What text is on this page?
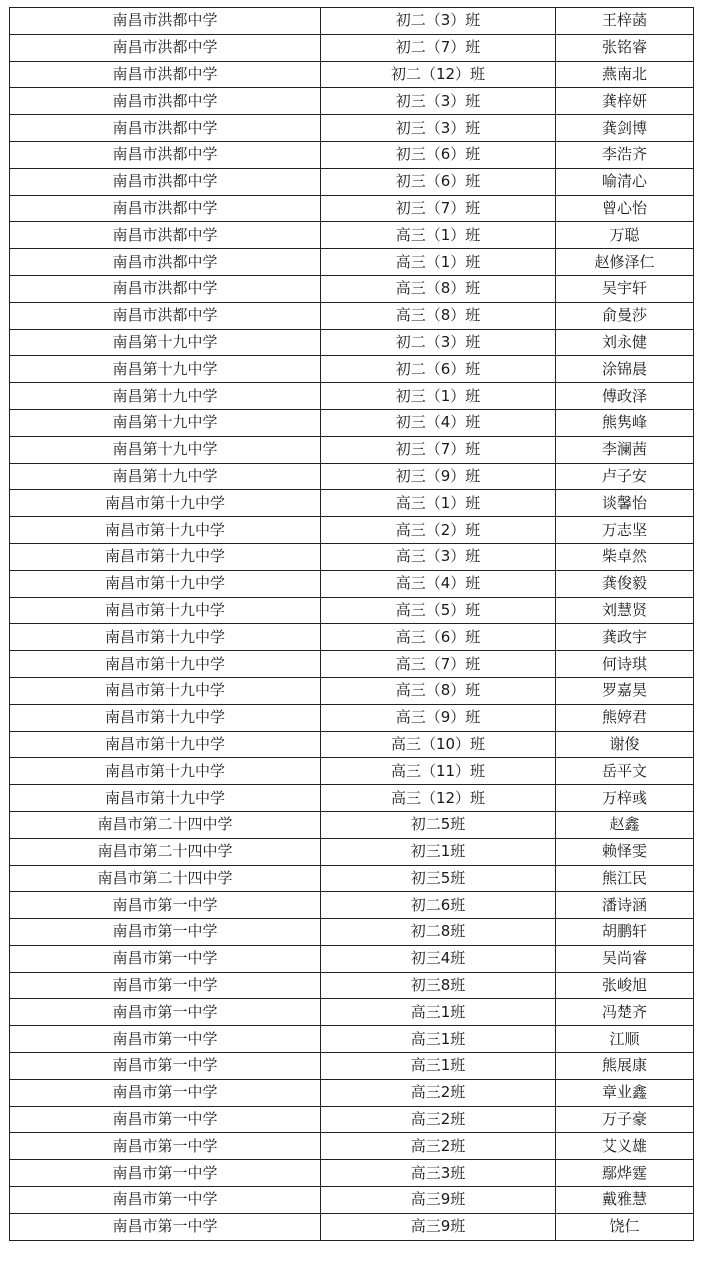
南昌市洪都中学	初二（3）班	王梓菡
南昌市洪都中学	初二（7）班	张铭睿
南昌市洪都中学	初二（12）班	燕南北
南昌市洪都中学	初三（3）班	龚梓妍
南昌市洪都中学	初三（3）班	龚剑博
南昌市洪都中学	初三（6）班	李浩齐
南昌市洪都中学	初三（6）班	喻清心
南昌市洪都中学	初三（7）班	曾心怡
南昌市洪都中学	高三（1）班	万聪
南昌市洪都中学	高三（1）班	赵修泽仁
南昌市洪都中学	高三（8）班	吴宇轩
南昌市洪都中学	高三（8）班	俞曼莎
南昌第十九中学	初二（3）班	刘永健
南昌第十九中学	初二（6）班	涂锦晨
南昌第十九中学	初三（1）班	傅政泽
南昌第十九中学	初三（4）班	熊隽峰
南昌第十九中学	初三（7）班	李澜茜
南昌第十九中学	初三（9）班	卢子安
南昌市第十九中学	高三（1）班	谈馨怡
南昌市第十九中学	高三（2）班	万志坚
南昌市第十九中学	高三（3）班	柴卓然
南昌市第十九中学	高三（4）班	龚俊毅
南昌市第十九中学	高三（5）班	刘慧贤
南昌市第十九中学	高三（6）班	龚政宇
南昌市第十九中学	高三（7）班	何诗琪
南昌市第十九中学	高三（8）班	罗嘉昊
南昌市第十九中学	高三（9）班	熊婷君
南昌市第十九中学	高三（10）班	谢俊
南昌市第十九中学	高三（11）班	岳平文
南昌市第十九中学	高三（12）班	万梓彧
南昌市第二十四中学	初二5班	赵鑫
南昌市第二十四中学	初三1班	赖怿雯
南昌市第二十四中学	初三5班	熊江民
南昌市第一中学	初二6班	潘诗涵
南昌市第一中学	初二8班	胡鹏轩
南昌市第一中学	初三4班	吴尚睿
南昌市第一中学	初三8班	张峻旭
南昌市第一中学	高三1班	冯楚齐
南昌市第一中学	高三1班	江顺
南昌市第一中学	高三1班	熊展康
南昌市第一中学	高三2班	章业鑫
南昌市第一中学	高三2班	万子豪
南昌市第一中学	高三2班	艾义雄
南昌市第一中学	高三3班	鄢烨霆
南昌市第一中学	高三9班	戴雅慧
南昌市第一中学	高三9班	饶仁
